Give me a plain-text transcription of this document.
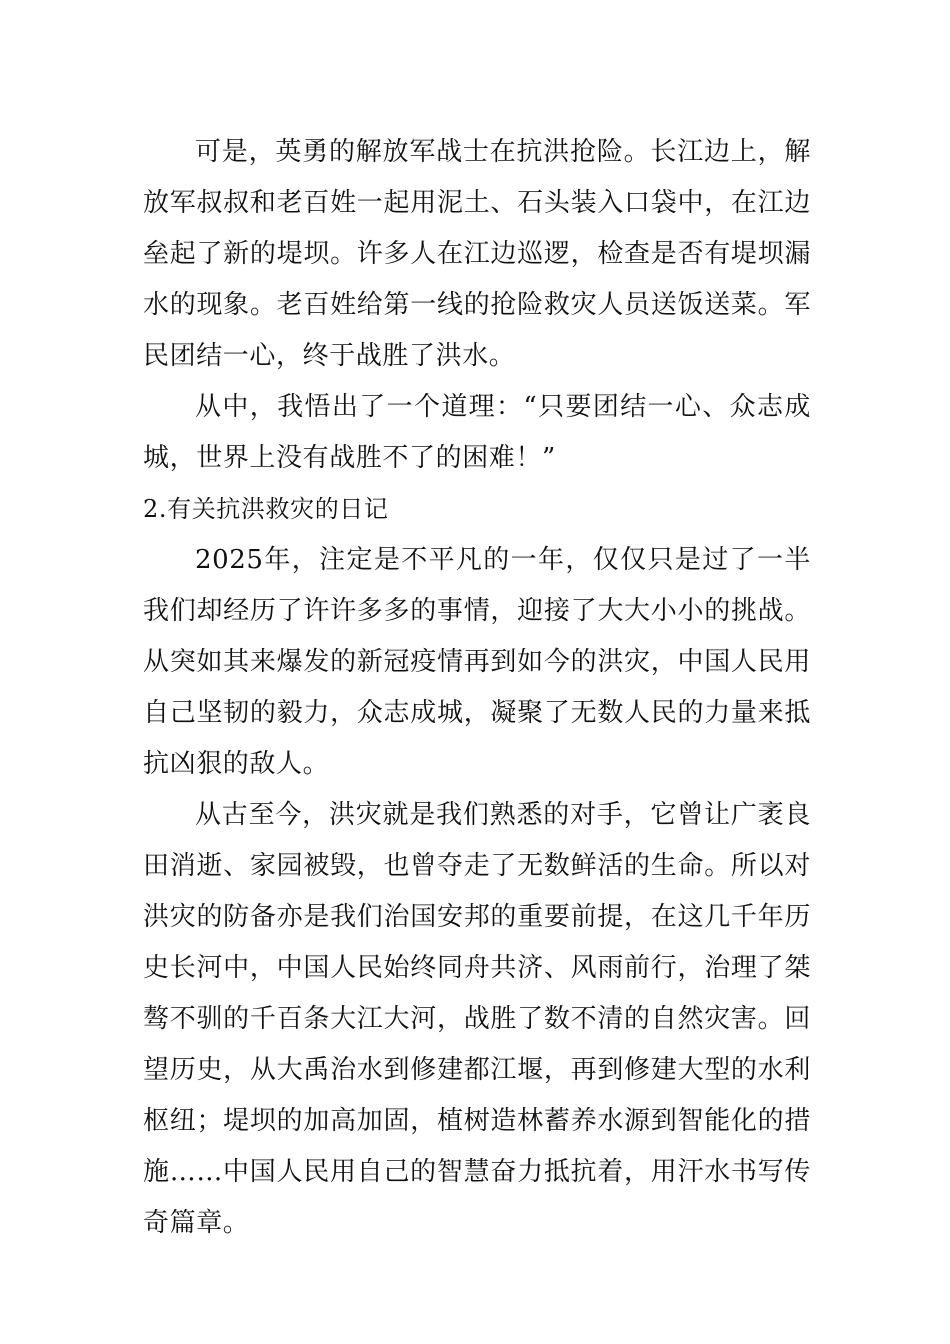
可是，英勇的解放军战士在抗洪抢险。长江边上，解放军叔叔和老百姓一起用泥土、石头装入口袋中，在江边垒起了新的堤坝。许多人在江边巡逻，检查是否有堤坝漏水的现象。老百姓给第一线的抢险救灾人员送饭送菜。军民团结一心，终于战胜了洪水。

从中，我悟出了一个道理：“只要团结一心、众志成城，世界上没有战胜不了的困难！”

2.有关抗洪救灾的日记

2025年，注定是不平凡的一年，仅仅只是过了一半我们却经历了许许多多的事情，迎接了大大小小的挑战。从突如其来爆发的新冠疫情再到如今的洪灾，中国人民用自己坚韧的毅力，众志成城，凝聚了无数人民的力量来抵抗凶狠的敌人。

从古至今，洪灾就是我们熟悉的对手，它曾让广袤良田消逝、家园被毁，也曾夺走了无数鲜活的生命。所以对洪灾的防备亦是我们治国安邦的重要前提，在这几千年历史长河中，中国人民始终同舟共济、风雨前行，治理了桀骜不驯的千百条大江大河，战胜了数不清的自然灾害。回望历史，从大禹治水到修建都江堰，再到修建大型的水利枢纽；堤坝的加高加固，植树造林蓄养水源到智能化的措施……中国人民用自己的智慧奋力抵抗着，用汗水书写传奇篇章。
